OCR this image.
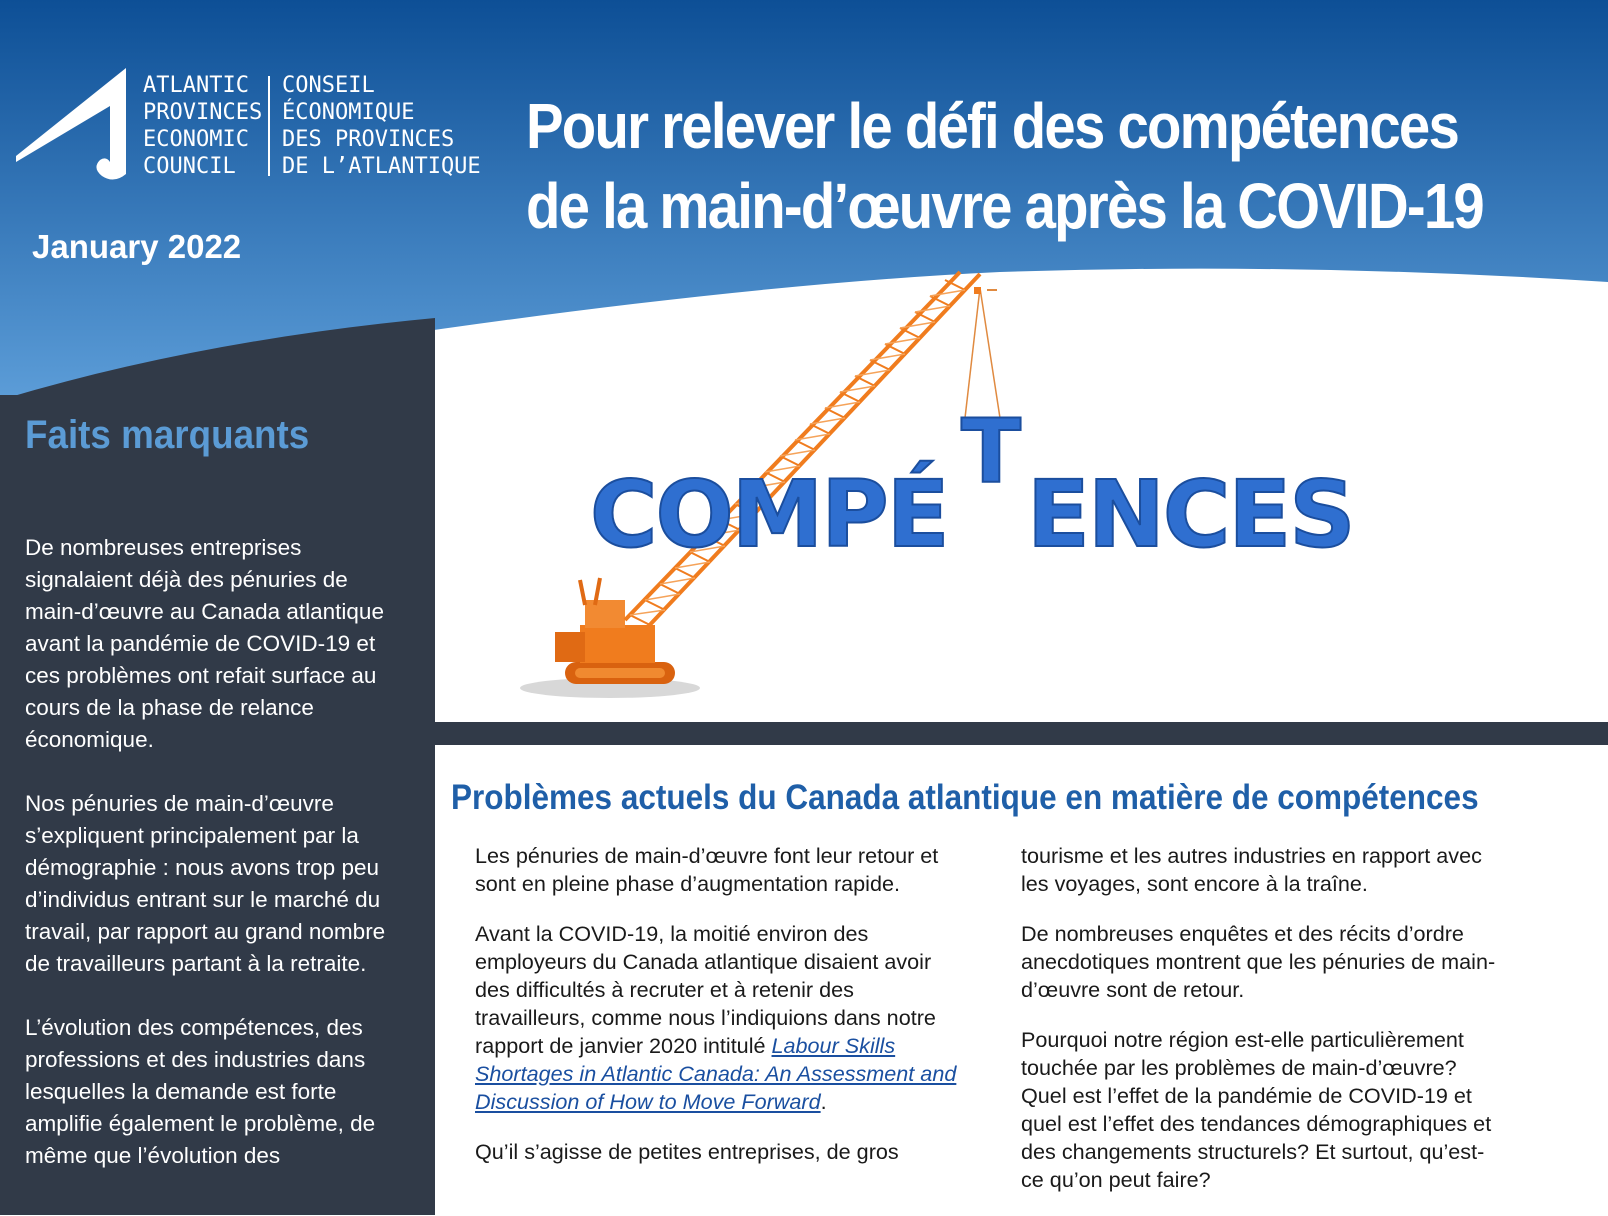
ATLANTIC
PROVINCES
ECONOMIC
COUNCIL
CONSEIL
ÉCONOMIQUE
DES PROVINCES
DE L’ATLANTIQUE
January 2022
Pour relever le défi des compétences
de la main-d’œuvre après la COVID-19
Faits marquants

De nombreuses entreprises signalaient déjà des pénuries de main-d’œuvre au Canada atlantique avant la pandémie de COVID-19 et ces problèmes ont refait surface au cours de la phase de relance économique.

Nos pénuries de main-d’œuvre s’expliquent principalement par la démographie : nous avons trop peu d’individus entrant sur le marché du travail, par rapport au grand nombre de travailleurs partant à la retraite.

L’évolution des compétences, des professions et des industries dans lesquelles la demande est forte amplifie également le problème, de même que l’évolution des

COMPÉ
T
ENCES
Problèmes actuels du Canada atlantique en matière de compétences

Les pénuries de main-d’œuvre font leur retour et sont en pleine phase d’augmentation rapide.

Avant la COVID-19, la moitié environ des employeurs du Canada atlantique disaient avoir des difficultés à recruter et à retenir des travailleurs, comme nous l’indiquions dans notre rapport de janvier 2020 intitulé Labour Skills Shortages in Atlantic Canada: An Assessment and Discussion of How to Move Forward.

Qu’il s’agisse de petites entreprises, de gros

tourisme et les autres industries en rapport avec les voyages, sont encore à la traîne.

De nombreuses enquêtes et des récits d’ordre anecdotiques montrent que les pénuries de main-d’œuvre sont de retour.

Pourquoi notre région est-elle particulièrement touchée par les problèmes de main-d’œuvre? Quel est l’effet de la pandémie de COVID-19 et quel est l’effet des tendances démographiques et des changements structurels? Et surtout, qu’est-ce qu’on peut faire?
